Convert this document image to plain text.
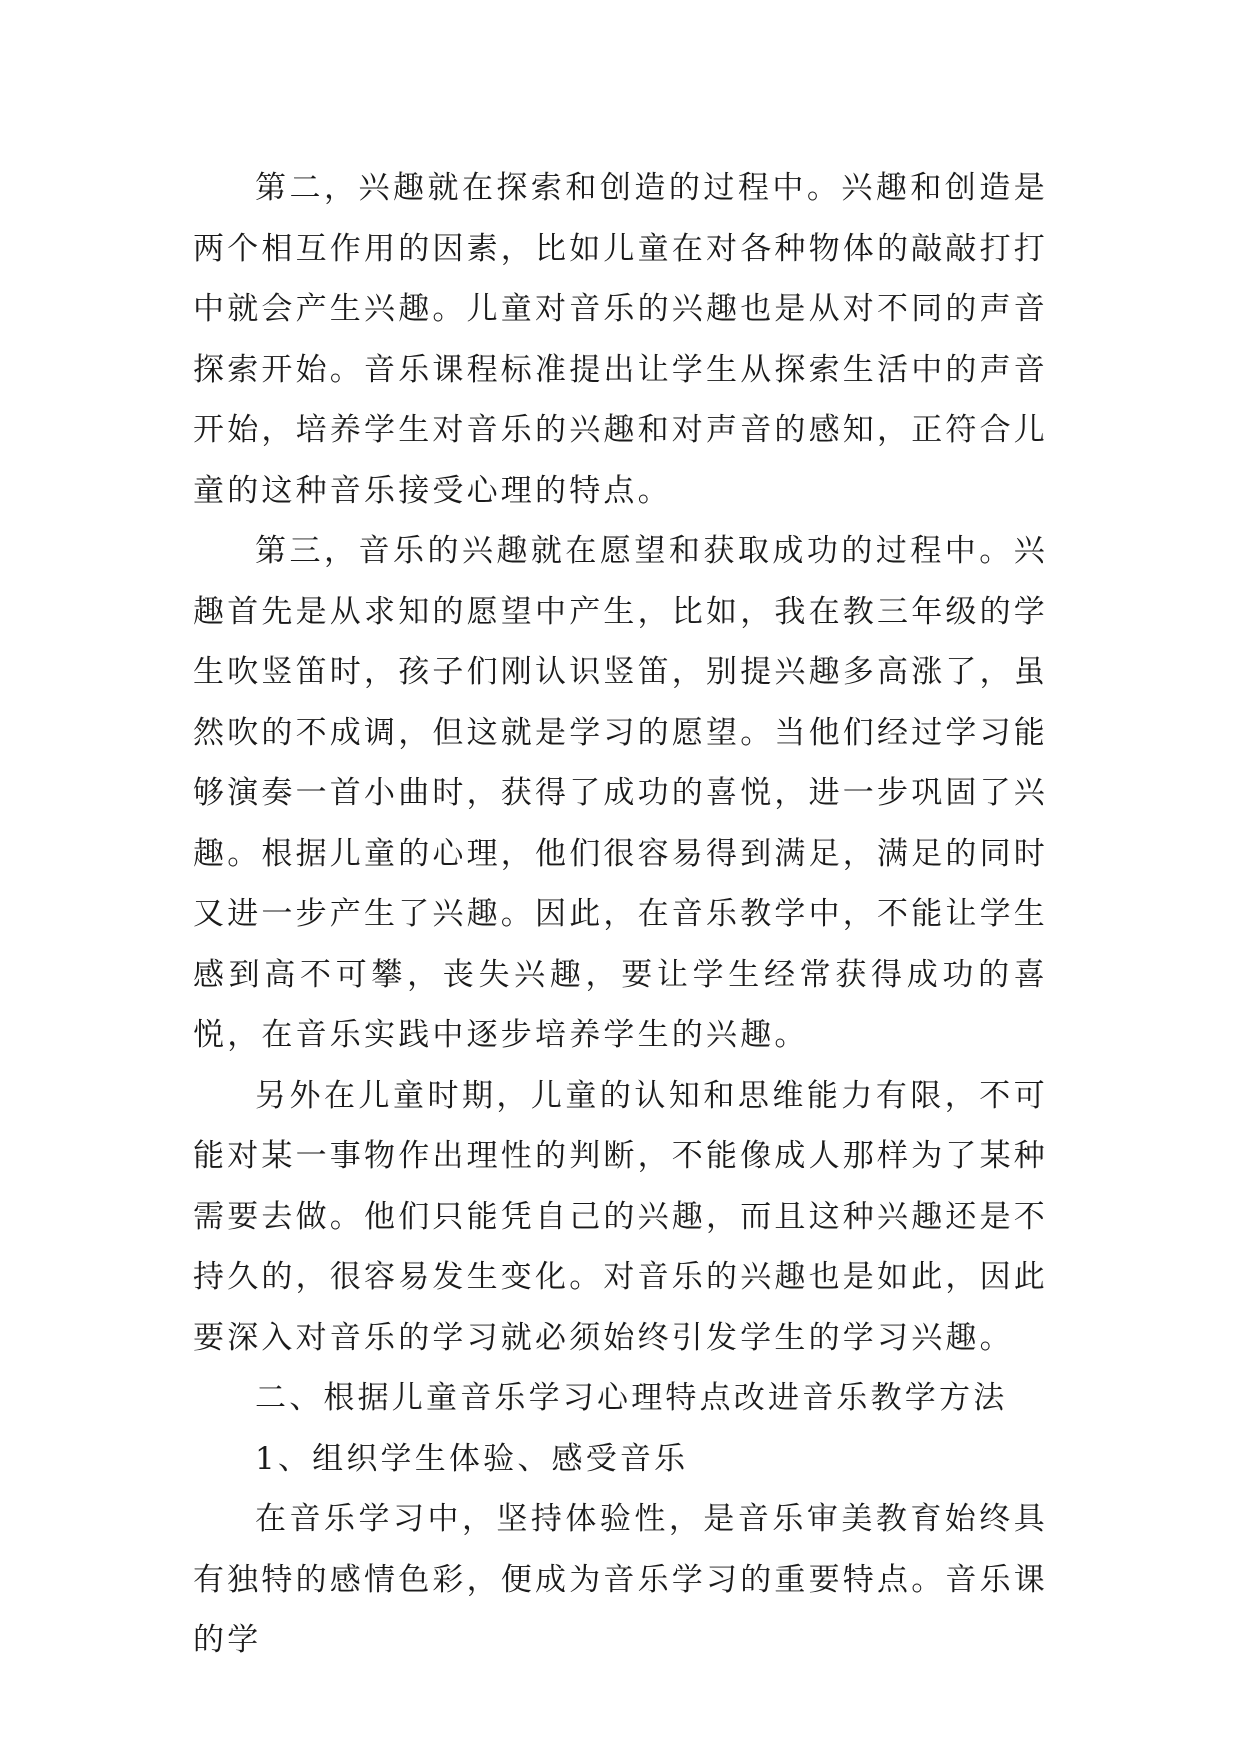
第二，兴趣就在探索和创造的过程中。兴趣和创造是两个相互作用的因素，比如儿童在对各种物体的敲敲打打中就会产生兴趣。儿童对音乐的兴趣也是从对不同的声音探索开始。音乐课程标准提出让学生从探索生活中的声音开始，培养学生对音乐的兴趣和对声音的感知，正符合儿童的这种音乐接受心理的特点。

第三，音乐的兴趣就在愿望和获取成功的过程中。兴趣首先是从求知的愿望中产生，比如，我在教三年级的学生吹竖笛时，孩子们刚认识竖笛，别提兴趣多高涨了，虽然吹的不成调，但这就是学习的愿望。当他们经过学习能够演奏一首小曲时，获得了成功的喜悦，进一步巩固了兴趣。根据儿童的心理，他们很容易得到满足，满足的同时又进一步产生了兴趣。因此，在音乐教学中，不能让学生感到高不可攀，丧失兴趣，要让学生经常获得成功的喜悦，在音乐实践中逐步培养学生的兴趣。

另外在儿童时期，儿童的认知和思维能力有限，不可能对某一事物作出理性的判断，不能像成人那样为了某种需要去做。他们只能凭自己的兴趣，而且这种兴趣还是不持久的，很容易发生变化。对音乐的兴趣也是如此，因此要深入对音乐的学习就必须始终引发学生的学习兴趣。

二、根据儿童音乐学习心理特点改进音乐教学方法

1、组织学生体验、感受音乐

在音乐学习中，坚持体验性，是音乐审美教育始终具有独特的感情色彩，便成为音乐学习的重要特点。音乐课的学
